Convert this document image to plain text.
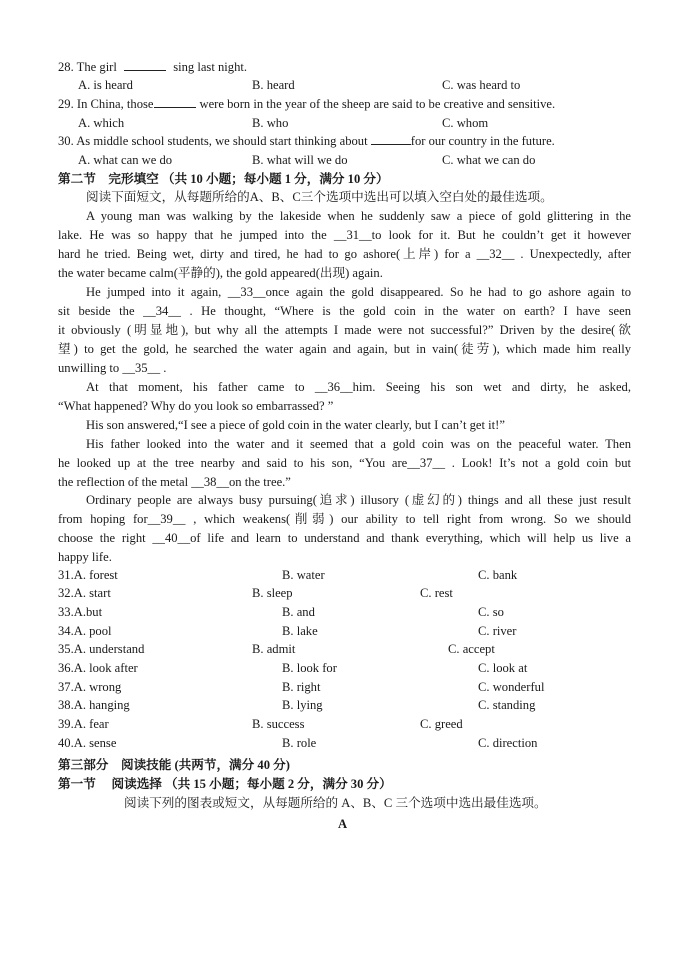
28. The girl	sing last night.
A. is heard	B. heard	C. was heard to
29. In China, those	were born in the year of the sheep are said to be creative and sensitive.
A. which	B. who	C. whom
30. As middle school students, we should start thinking about	for our country in the future.
A. what can we do	B. what will we do	C. what we can do
第二节　完形填空 （共 10 小题；每小题 1 分，满分 10 分）
阅读下面短文，从每题所给的A、B、C三个选项中选出可以填入空白处的最佳选项。
A young man was walking by the lakeside when he suddenly saw a piece of gold glittering in the
lake. He was so happy that he jumped into the __31__to look for it. But he couldn’t get it however
hard he tried. Being wet, dirty and tired, he had to go ashore(上岸) for a __32__ . Unexpectedly, after
the water became calm(平静的), the gold appeared(出现) again.
He jumped into it again, __33__once again the gold disappeared. So he had to go ashore again to
sit beside the __34__ . He thought, “Where is the gold coin in the water on earth? I have seen
it obviously (明显地), but why all the attempts I made were not successful?” Driven by the desire(欲
望) to get the gold, he searched the water again and again, but in vain(徒劳), which made him really
unwilling to __35__ .
At that moment, his father came to __36__him. Seeing his son wet and dirty, he asked,
“What happened? Why do you look so embarrassed? ”
His son answered,“I see a piece of gold coin in the water clearly, but I can’t get it!”
His father looked into the water and it seemed that a gold coin was on the peaceful water. Then
he looked up at the tree nearby and said to his son, “You are__37__ . Look! It’s not a gold coin but
the reflection of the metal __38__on the tree.”
Ordinary people are always busy pursuing(追求) illusory (虚幻的) things and all these just result
from hoping for__39__ , which weakens(削弱) our ability to tell right from wrong. So we should
choose the right __40__of life and learn to understand and thank everything, which will help us live a
happy life.
31.A. forest	B. water	C. bank
32.A. start	B. sleep	C. rest
33.A.but	B. and	C. so
34.A. pool	B. lake	C. river
35.A. understand	B. admit	C. accept
36.A. look after	B. look for	C. look at
37.A. wrong	B. right	C. wonderful
38.A. hanging	B. lying	C. standing
39.A. fear	B. success	C. greed
40.A. sense	B. role	C. direction
第三部分　阅读技能 (共两节，满分 40 分)
第一节　 阅读选择 （共 15 小题；每小题 2 分，满分 30 分）
阅读下列的图表或短文，从每题所给的 A、B、C 三个选项中选出最佳选项。
A
